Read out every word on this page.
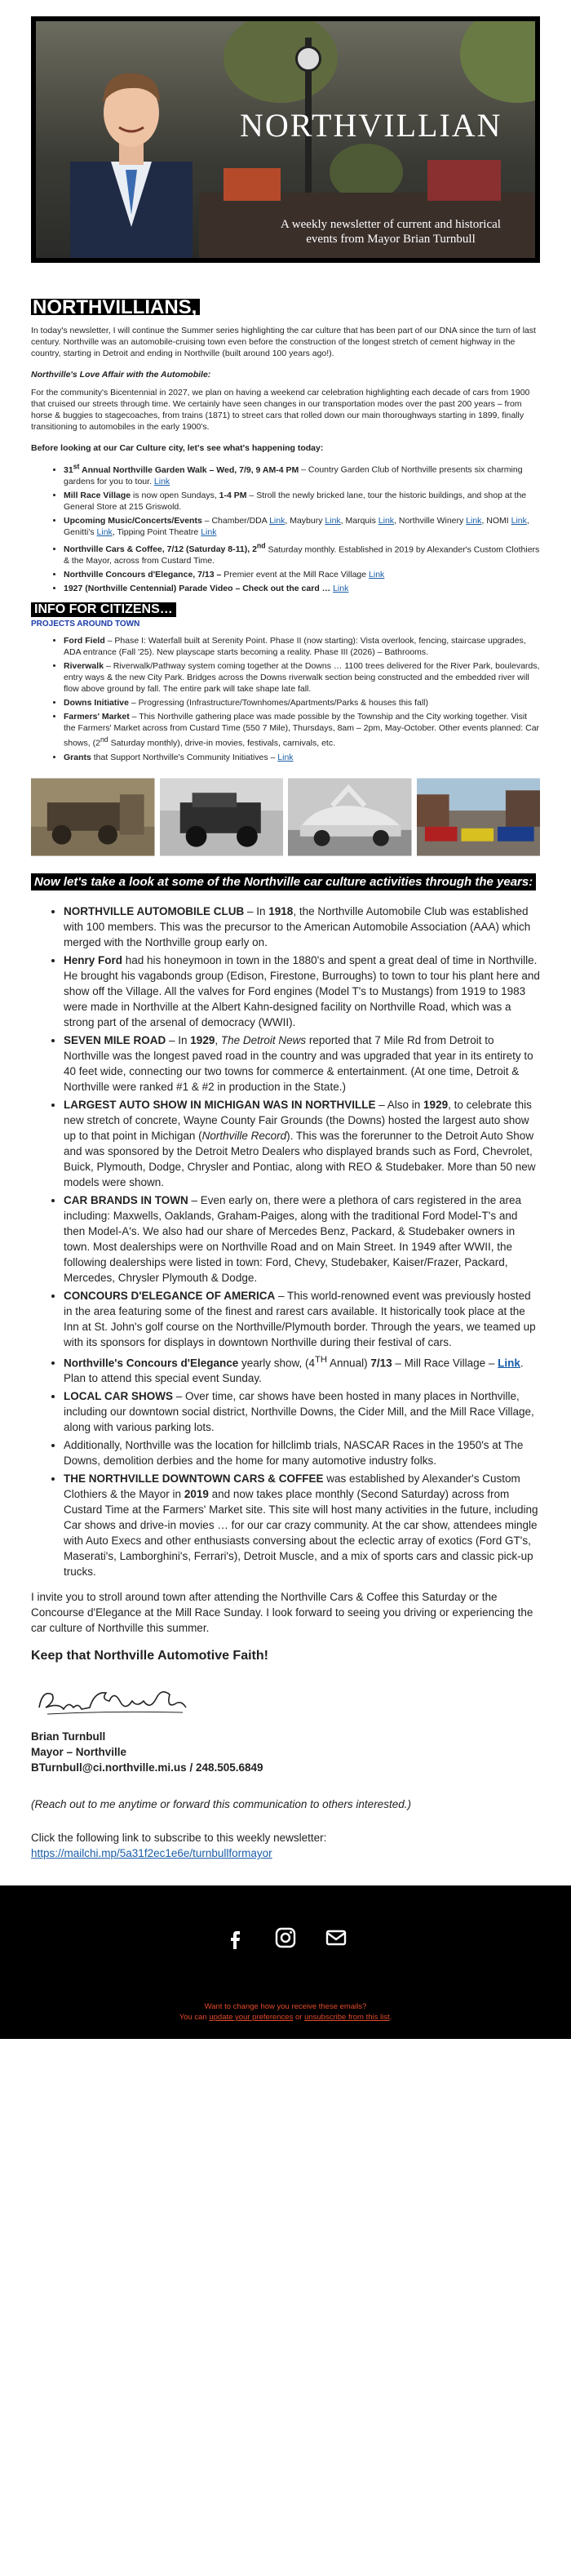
NORTHVILLIAN
A weekly newsletter of current and historical
events from Mayor Brian Turnbull
NORTHVILLIANS,

In today's newsletter, I will continue the Summer series highlighting the car culture that has been part of our DNA since the turn of last century. Northville was an automobile-cruising town even before the construction of the longest stretch of cement highway in the country, starting in Detroit and ending in Northville (built around 100 years ago!).

Northville's Love Affair with the Automobile:

For the community's Bicentennial in 2027, we plan on having a weekend car celebration highlighting each decade of cars from 1900 that cruised our streets through time. We certainly have seen changes in our transportation modes over the past 200 years – from horse & buggies to stagecoaches, from trains (1871) to street cars that rolled down our main thoroughways starting in 1899, finally transitioning to automobiles in the early 1900's.

Before looking at our Car Culture city, let's see what's happening today:

• 31st Annual Northville Garden Walk – Wed, 7/9, 9 AM-4 PM – Country Garden Club of Northville presents six charming gardens for you to tour. Link
• Mill Race Village is now open Sundays, 1-4 PM – Stroll the newly bricked lane, tour the historic buildings, and shop at the General Store at 215 Griswold.
• Upcoming Music/Concerts/Events – Chamber/DDA Link, Maybury Link, Marquis Link, Northville Winery Link, NOMI Link, Genitti's Link, Tipping Point Theatre Link
• Northville Cars & Coffee, 7/12 (Saturday 8-11), 2nd Saturday monthly. Established in 2019 by Alexander's Custom Clothiers & the Mayor, across from Custard Time.
• Northville Concours d'Elegance, 7/13 – Premier event at the Mill Race Village Link
• 1927 (Northville Centennial) Parade Video – Check out the card … Link
INFO FOR CITIZENS…
PROJECTS AROUND TOWN
• Ford Field – Phase I: Waterfall built at Serenity Point. Phase II (now starting): Vista overlook, fencing, staircase upgrades, ADA entrance (Fall '25). New playscape starts becoming a reality. Phase III (2026) – Bathrooms.
• Riverwalk – Riverwalk/Pathway system coming together at the Downs … 1100 trees delivered for the River Park, boulevards, entry ways & the new City Park. Bridges across the Downs riverwalk section being constructed and the embedded river will flow above ground by fall. The entire park will take shape late fall.
• Downs Initiative – Progressing (Infrastructure/Townhomes/Apartments/Parks & houses this fall)
• Farmers' Market – This Northville gathering place was made possible by the Township and the City working together. Visit the Farmers' Market across from Custard Time (550 7 Mile), Thursdays, 8am – 2pm, May-October. Other events planned: Car shows, (2nd Saturday monthly), drive-in movies, festivals, carnivals, etc.
• Grants that Support Northville's Community Initiatives – Link
Now let's take a look at some of the Northville car culture activities through the years:
• NORTHVILLE AUTOMOBILE CLUB – In 1918, the Northville Automobile Club was established with 100 members. This was the precursor to the American Automobile Association (AAA) which merged with the Northville group early on.
• Henry Ford had his honeymoon in town in the 1880's and spent a great deal of time in Northville. He brought his vagabonds group (Edison, Firestone, Burroughs) to town to tour his plant here and show off the Village. All the valves for Ford engines (Model T's to Mustangs) from 1919 to 1983 were made in Northville at the Albert Kahn-designed facility on Northville Road, which was a strong part of the arsenal of democracy (WWII).
• SEVEN MILE ROAD – In 1929, The Detroit News reported that 7 Mile Rd from Detroit to Northville was the longest paved road in the country and was upgraded that year in its entirety to 40 feet wide, connecting our two towns for commerce & entertainment. (At one time, Detroit & Northville were ranked #1 & #2 in production in the State.)
• LARGEST AUTO SHOW IN MICHIGAN WAS IN NORTHVILLE – Also in 1929, to celebrate this new stretch of concrete, Wayne County Fair Grounds (the Downs) hosted the largest auto show up to that point in Michigan (Northville Record). This was the forerunner to the Detroit Auto Show and was sponsored by the Detroit Metro Dealers who displayed brands such as Ford, Chevrolet, Buick, Plymouth, Dodge, Chrysler and Pontiac, along with REO & Studebaker. More than 50 new models were shown.
• CAR BRANDS IN TOWN – Even early on, there were a plethora of cars registered in the area including: Maxwells, Oaklands, Graham-Paiges, along with the traditional Ford Model-T's and then Model-A's. We also had our share of Mercedes Benz, Packard, & Studebaker owners in town. Most dealerships were on Northville Road and on Main Street. In 1949 after WWII, the following dealerships were listed in town: Ford, Chevy, Studebaker, Kaiser/Frazer, Packard, Mercedes, Chrysler Plymouth & Dodge.
• CONCOURS D'ELEGANCE OF AMERICA – This world-renowned event was previously hosted in the area featuring some of the finest and rarest cars available. It historically took place at the Inn at St. John's golf course on the Northville/Plymouth border. Through the years, we teamed up with its sponsors for displays in downtown Northville during their festival of cars.
• Northville's Concours d'Elegance yearly show, (4TH Annual) 7/13 – Mill Race Village – Link. Plan to attend this special event Sunday.
• LOCAL CAR SHOWS – Over time, car shows have been hosted in many places in Northville, including our downtown social district, Northville Downs, the Cider Mill, and the Mill Race Village, along with various parking lots.
• Additionally, Northville was the location for hillclimb trials, NASCAR Races in the 1950's at The Downs, demolition derbies and the home for many automotive industry folks.
• THE NORTHVILLE DOWNTOWN CARS & COFFEE was established by Alexander's Custom Clothiers & the Mayor in 2019 and now takes place monthly (Second Saturday) across from Custard Time at the Farmers' Market site. This site will host many activities in the future, including Car shows and drive-in movies … for our car crazy community. At the car show, attendees mingle with Auto Execs and other enthusiasts conversing about the eclectic array of exotics (Ford GT's, Maserati's, Lamborghini's, Ferrari's), Detroit Muscle, and a mix of sports cars and classic pick-up trucks.

I invite you to stroll around town after attending the Northville Cars & Coffee this Saturday or the Concourse d'Elegance at the Mill Race Sunday. I look forward to seeing you driving or experiencing the car culture of Northville this summer.

Keep that Northville Automotive Faith!
Brian Turnbull
Mayor – Northville
BTurnbull@ci.northville.mi.us / 248.505.6849

(Reach out to me anytime or forward this communication to others interested.)

Click the following link to subscribe to this weekly newsletter:

https://mailchi.mp/5a31f2ec1e6e/turnbullformayor
Want to change how you receive these emails?
You can update your preferences or unsubscribe from this list.
